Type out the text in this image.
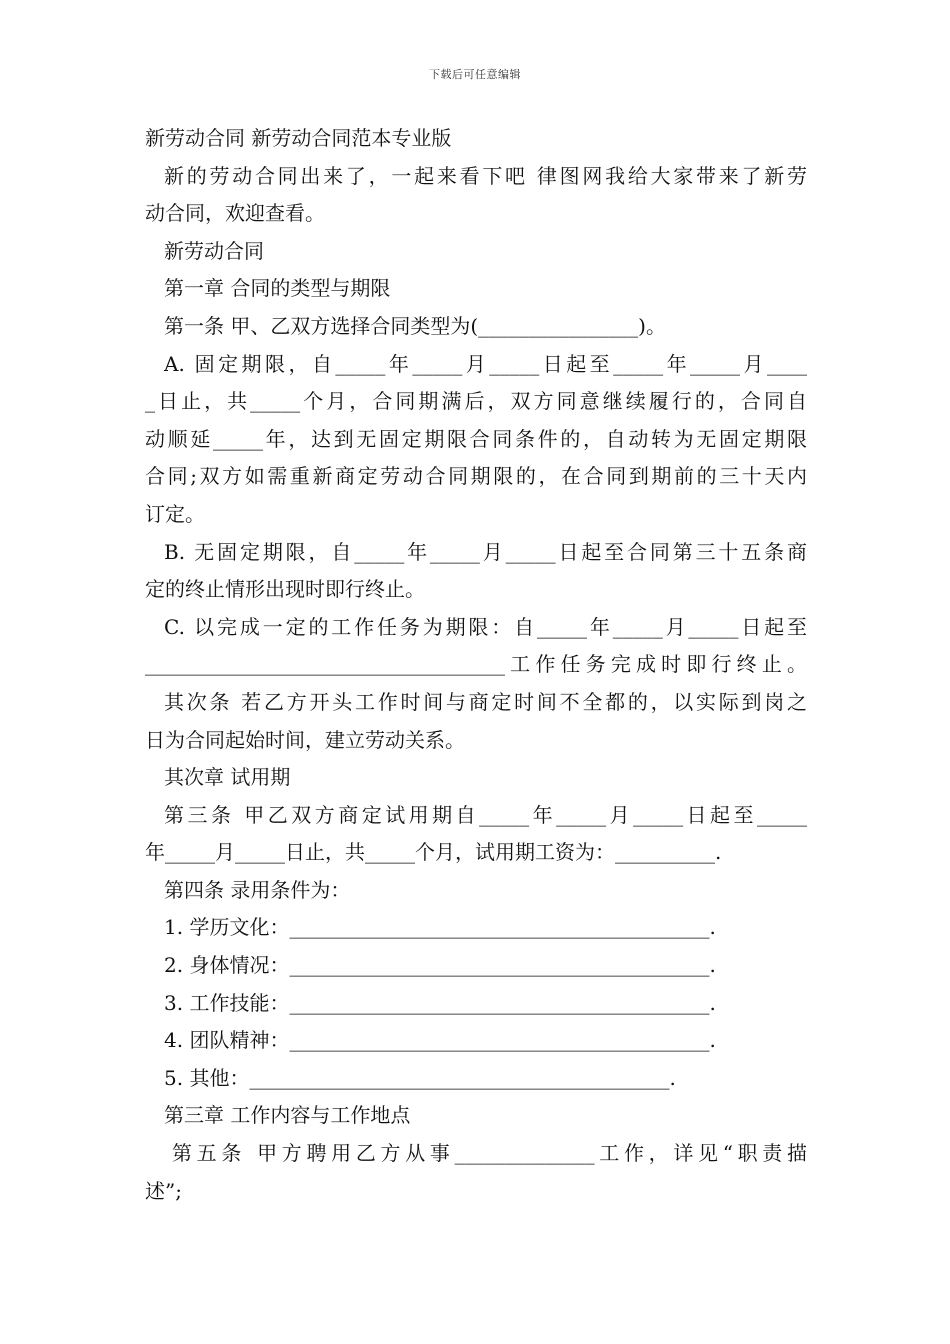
下载后可任意编辑

新劳动合同 新劳动合同范本专业版

新的劳动合同出来了，一起来看下吧 律图网我给大家带来了新劳

动合同，欢迎查看。

新劳动合同

第一章 合同的类型与期限

第一条 甲、乙双方选择合同类型为(________________)。

A. 固定期限，自_____年_____月_____日起至_____年_____月____

_日止，共_____个月，合同期满后，双方同意继续履行的，合同自

动顺延_____年，达到无固定期限合同条件的，自动转为无固定期限

合同;双方如需重新商定劳动合同期限的，在合同到期前的三十天内

订定。

B. 无固定期限，自_____年_____月_____日起至合同第三十五条商

定的终止情形出现时即行终止。

C. 以完成一定的工作任务为期限：自_____年_____月_____日起至

____________________________________工作任务完成时即行终止。

其次条 若乙方开头工作时间与商定时间不全都的，以实际到岗之

日为合同起始时间，建立劳动关系。

其次章 试用期

第三条 甲乙双方商定试用期自_____年_____月_____日起至_____

年_____月_____日止，共_____个月，试用期工资为：__________.

第四条 录用条件为：

1. 学历文化：__________________________________________.

2. 身体情况：__________________________________________.

3. 工作技能：__________________________________________.

4. 团队精神：__________________________________________.

5. 其他：__________________________________________.

第三章 工作内容与工作地点

第五条 甲方聘用乙方从事______________工作，详见“职责描

述”;
